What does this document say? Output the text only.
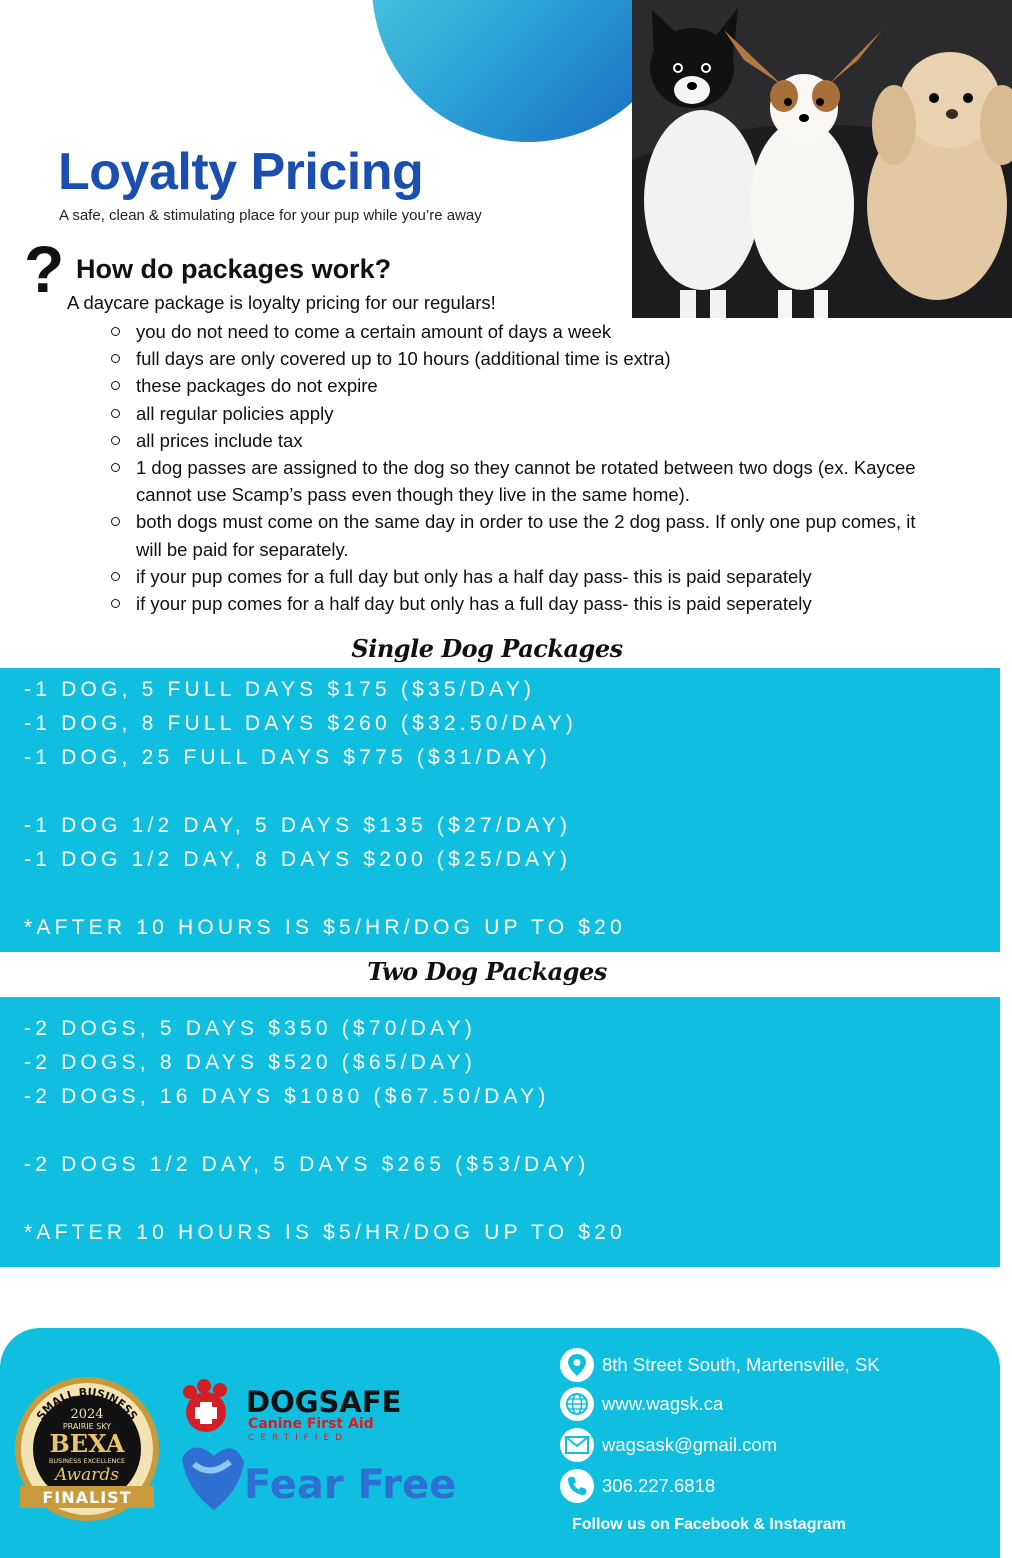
Loyalty Pricing
A safe, clean & stimulating place for your pup while you’re away
? How do packages work?
A daycare package is loyalty pricing for our regulars!
you do not need to come a certain amount of days a week
full days are only covered up to 10 hours (additional time is extra)
these packages do not expire
all regular policies apply
all prices include tax
1 dog passes are assigned to the dog so they cannot be rotated between two dogs (ex. Kaycee cannot use Scamp’s pass even though they live in the same home).
both dogs must come on the same day in order to use the 2 dog pass. If only one pup comes, it will be paid for separately.
if your pup comes for a full day but only has a half day pass- this is paid separately
if your pup comes for a half day but only has a full day pass- this is paid seperately
Single Dog Packages
-1 DOG, 5 FULL DAYS $175 ($35/DAY)
-1 DOG, 8 FULL DAYS $260 ($32.50/DAY)
-1 DOG, 25 FULL DAYS $775 ($31/DAY)
-1 DOG 1/2 DAY, 5 DAYS $135 ($27/DAY)
-1 DOG 1/2 DAY, 8 DAYS $200 ($25/DAY)
*AFTER 10 HOURS IS $5/HR/DOG UP TO $20
Two Dog Packages
-2 DOGS, 5 DAYS $350 ($70/DAY)
-2 DOGS, 8 DAYS $520 ($65/DAY)
-2 DOGS, 16 DAYS $1080 ($67.50/DAY)
-2 DOGS 1/2 DAY, 5 DAYS $265 ($53/DAY)
*AFTER 10 HOURS IS $5/HR/DOG UP TO $20
SMALL BUSINESS
2024
PRAIRIE SKY
BEXA
BUSINESS EXCELLENCE
Awards
FINALIST
DOGSAFE
Canine First Aid
CERTIFIED
Fear Free
8th Street South, Martensville, SK
www.wagsk.ca
wagsask@gmail.com
306.227.6818
Follow us on Facebook & Instagram
